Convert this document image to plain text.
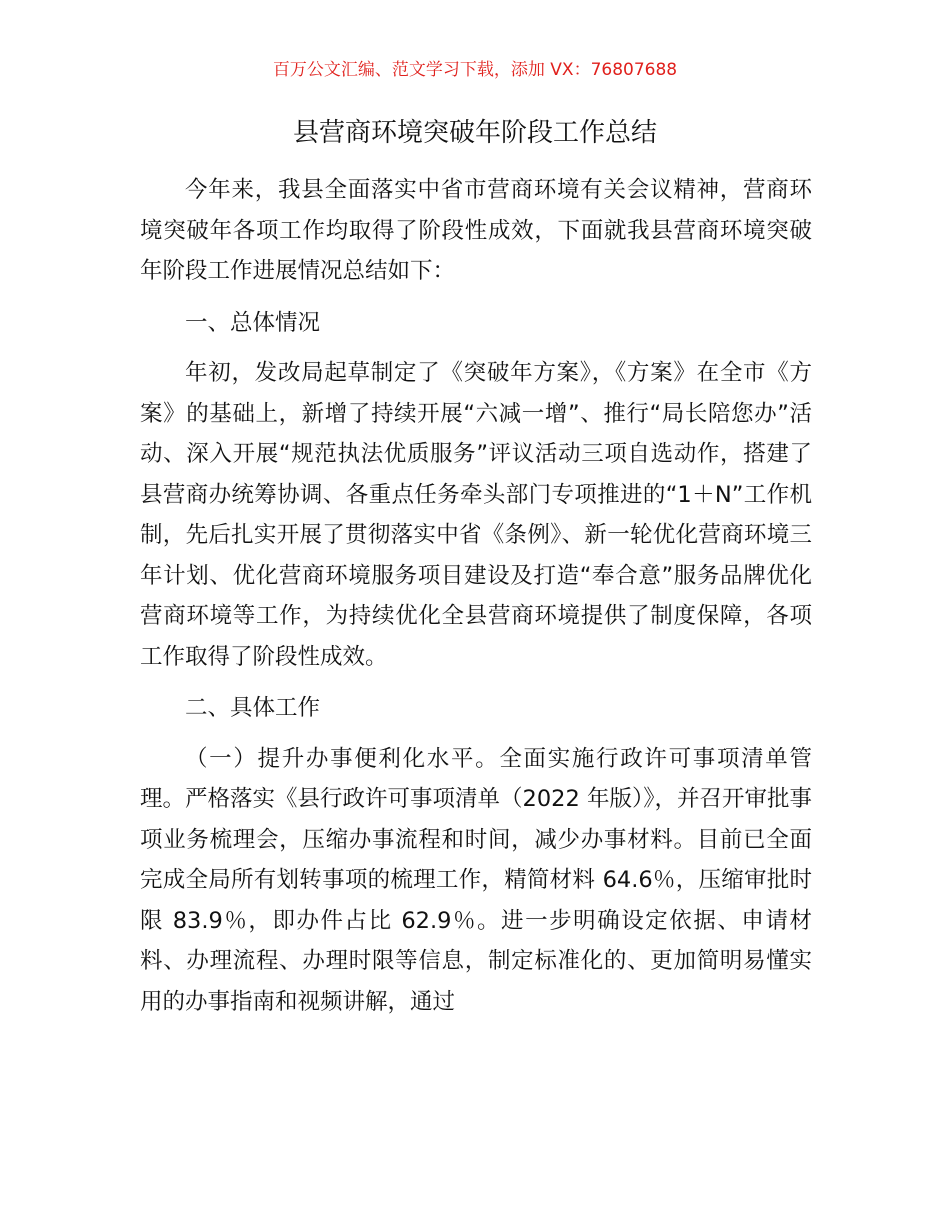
百万公文汇编、范文学习下载，添加 VX：76807688
县营商环境突破年阶段工作总结

今年来，我县全面落实中省市营商环境有关会议精神，营商环境突破年各项工作均取得了阶段性成效，下面就我县营商环境突破年阶段工作进展情况总结如下：

一、总体情况

年初，发改局起草制定了《突破年方案》，《方案》在全市《方案》的基础上，新增了持续开展“六减一增”、推行“局长陪您办”活动、深入开展“规范执法优质服务”评议活动三项自选动作，搭建了县营商办统筹协调、各重点任务牵头部门专项推进的“1＋N”工作机制，先后扎实开展了贯彻落实中省《条例》、新一轮优化营商环境三年计划、优化营商环境服务项目建设及打造“奉合意”服务品牌优化营商环境等工作，为持续优化全县营商环境提供了制度保障，各项工作取得了阶段性成效。

二、具体工作

（一）提升办事便利化水平。全面实施行政许可事项清单管理。严格落实《县行政许可事项清单（2022 年版）》，并召开审批事项业务梳理会，压缩办事流程和时间，减少办事材料。目前已全面完成全局所有划转事项的梳理工作，精简材料 64.6％，压缩审批时限 83.9％，即办件占比 62.9％。进一步明确设定依据、申请材料、办理流程、办理时限等信息，制定标准化的、更加简明易懂实用的办事指南和视频讲解，通过
